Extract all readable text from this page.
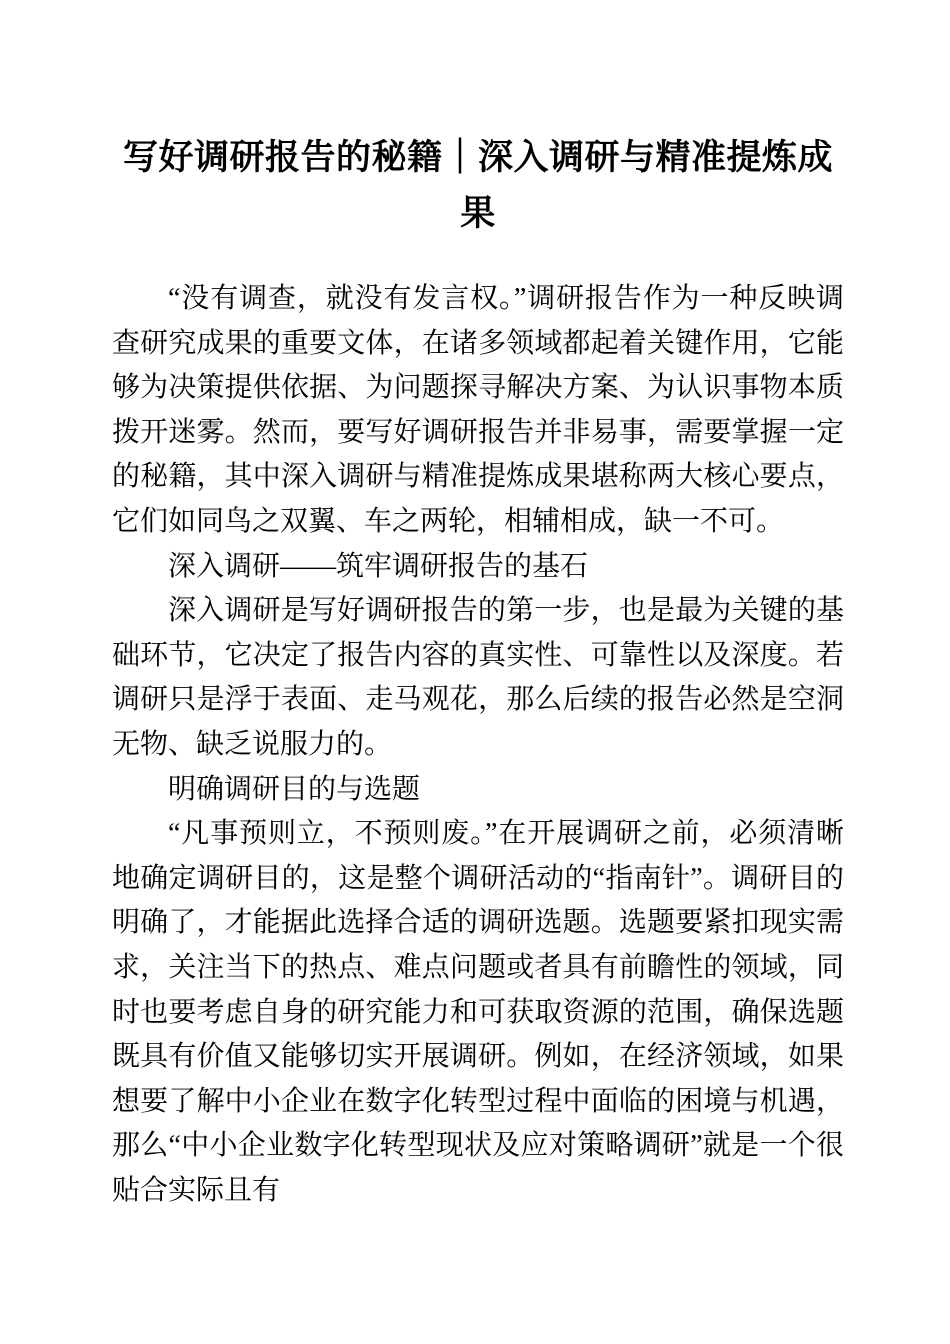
写好调研报告的秘籍｜深入调研与精准提炼成果

“没有调查，就没有发言权。”调研报告作为一种反映调查研究成果的重要文体，在诸多领域都起着关键作用，它能够为决策提供依据、为问题探寻解决方案、为认识事物本质拨开迷雾。然而，要写好调研报告并非易事，需要掌握一定的秘籍，其中深入调研与精准提炼成果堪称两大核心要点，它们如同鸟之双翼、车之两轮，相辅相成，缺一不可。

深入调研——筑牢调研报告的基石

深入调研是写好调研报告的第一步，也是最为关键的基础环节，它决定了报告内容的真实性、可靠性以及深度。若调研只是浮于表面、走马观花，那么后续的报告必然是空洞无物、缺乏说服力的。

明确调研目的与选题

“凡事预则立，不预则废。”在开展调研之前，必须清晰地确定调研目的，这是整个调研活动的“指南针”。调研目的明确了，才能据此选择合适的调研选题。选题要紧扣现实需求，关注当下的热点、难点问题或者具有前瞻性的领域，同时也要考虑自身的研究能力和可获取资源的范围，确保选题既具有价值又能够切实开展调研。例如，在经济领域，如果想要了解中小企业在数字化转型过程中面临的困境与机遇，那么“中小企业数字化转型现状及应对策略调研”就是一个很贴合实际且有
